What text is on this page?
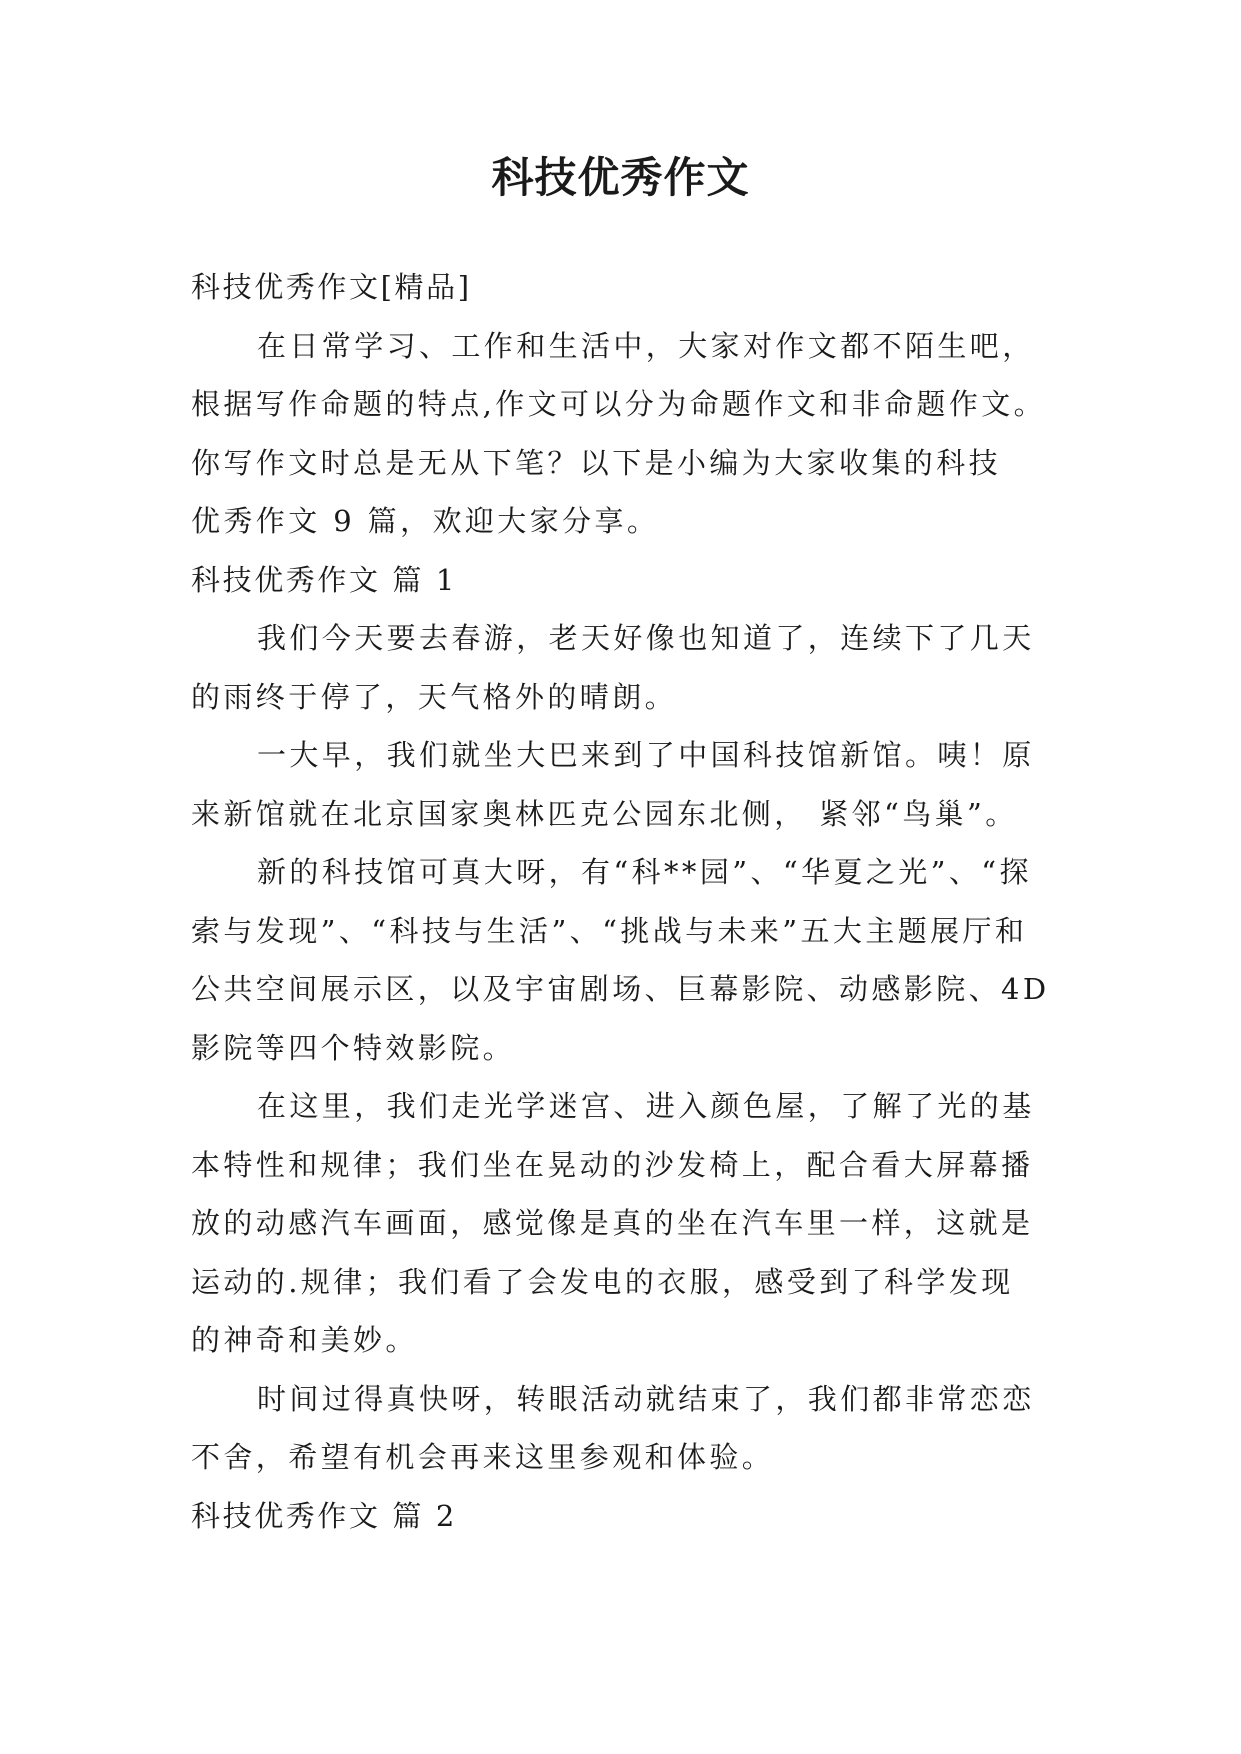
科技优秀作文
科技优秀作文[精品]
在日常学习、工作和生活中，大家对作文都不陌生吧，
根据写作命题的特点,作文可以分为命题作文和非命题作文。
你写作文时总是无从下笔？以下是小编为大家收集的科技
优秀作文 9 篇，欢迎大家分享。
科技优秀作文 篇 1
我们今天要去春游，老天好像也知道了，连续下了几天
的雨终于停了，天气格外的晴朗。
一大早，我们就坐大巴来到了中国科技馆新馆。咦！原
来新馆就在北京国家奥林匹克公园东北侧， 紧邻“鸟巢”。
新的科技馆可真大呀，有“科**园”、“华夏之光”、“探
索与发现”、“科技与生活”、“挑战与未来”五大主题展厅和
公共空间展示区，以及宇宙剧场、巨幕影院、动感影院、4D
影院等四个特效影院。
在这里，我们走光学迷宫、进入颜色屋，了解了光的基
本特性和规律；我们坐在晃动的沙发椅上，配合看大屏幕播
放的动感汽车画面，感觉像是真的坐在汽车里一样，这就是
运动的.规律；我们看了会发电的衣服，感受到了科学发现
的神奇和美妙。
时间过得真快呀，转眼活动就结束了，我们都非常恋恋
不舍，希望有机会再来这里参观和体验。
科技优秀作文 篇 2
